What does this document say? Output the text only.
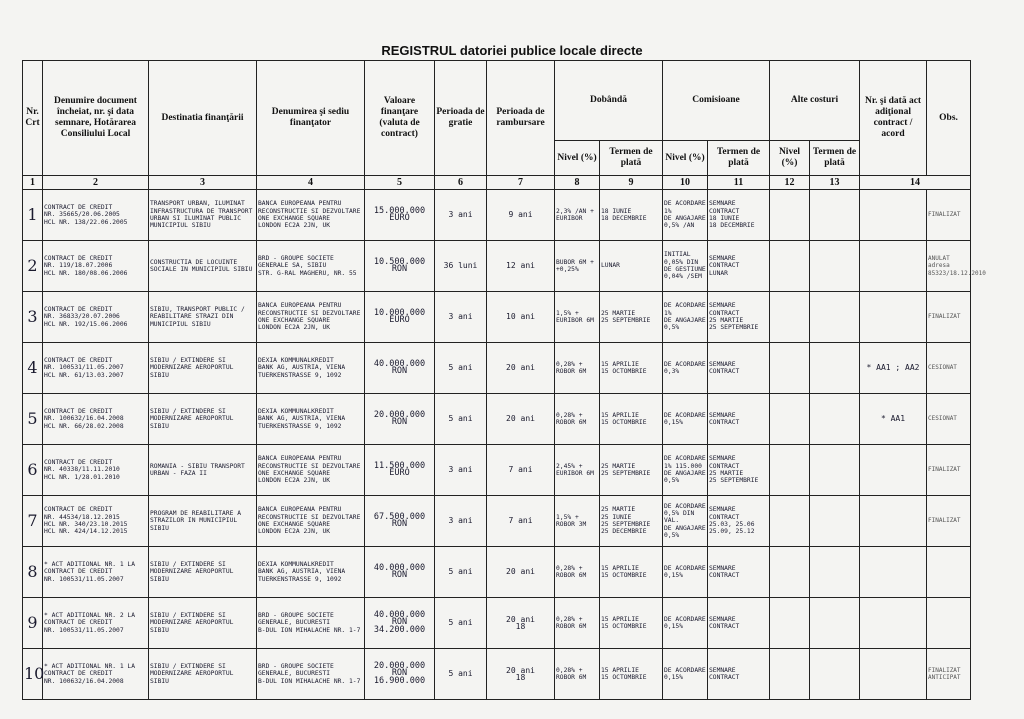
REGISTRUL datoriei publice locale directe
Nr. Crt	Denumire document încheiat, nr. şi data semnare, Hotărarea Consiliului Local	Destinatia finanţării	Denumirea şi sediu finanţator	Valoare finanţare (valuta de contract)	Perioada de gratie	Perioada de rambursare	Dobândă		Comisioane		Alte costuri		Nr. şi dată act adiţional contract / acord	Obs.
							Nivel (%)	Termen de plată	Nivel (%)	Termen de plată	Nivel (%)	Termen de plată		
1	2	3	4	5	6	7	8	9	10	11	12	13	14	
1	CONTRACT DE CREDIT
NR. 35665/20.06.2005
HCL NR. 138/22.06.2005	TRANSPORT URBAN, ILUMINAT
INFRASTRUCTURA DE TRANSPORT
URBAN SI ILUMINAT PUBLIC
MUNICIPIUL SIBIU	BANCA EUROPEANA PENTRU
RECONSTRUCTIE SI DEZVOLTARE
ONE EXCHANGE SQUARE
LONDON EC2A 2JN, UK	15.000.000 EURO	3 ani	9 ani	2,3% /AN +
EURIBOR	18 IUNIE
18 DECEMBRIE	DE ACORDARE 1%
DE ANGAJARE
0,5% /AN	SEMNARE
CONTRACT
18 IUNIE
18 DECEMBRIE				FINALIZAT
2	CONTRACT DE CREDIT
NR. 119/18.07.2006
HCL NR. 180/08.06.2006	CONSTRUCTIA DE LOCUINTE
SOCIALE IN MUNICIPIUL SIBIU	BRD - GROUPE SOCIETE
GENERALE SA, SIBIU
STR. G-RAL MAGHERU, NR. 55	10.500.000 RON	36 luni	12 ani	BUBOR 6M +
+0,25%	LUNAR	INITIAL
0,05% DIN
DE GESTIUNE
0,04% /SEM	SEMNARE
CONTRACT
LUNAR				ANULAT
adresa
85323/18.12.2010
3	CONTRACT DE CREDIT
NR. 36833/20.07.2006
HCL NR. 192/15.06.2006	SIBIU, TRANSPORT PUBLIC /
REABILITARE STRAZI DIN
MUNICIPIUL SIBIU	BANCA EUROPEANA PENTRU
RECONSTRUCTIE SI DEZVOLTARE
ONE EXCHANGE SQUARE
LONDON EC2A 2JN, UK	10.000.000 EURO	3 ani	10 ani	1,5% +
EURIBOR 6M	25 MARTIE
25 SEPTEMBRIE	DE ACORDARE 1%
DE ANGAJARE
0,5%	SEMNARE
CONTRACT
25 MARTIE
25 SEPTEMBRIE				FINALIZAT
4	CONTRACT DE CREDIT
NR. 100531/11.05.2007
HCL NR. 61/13.03.2007	SIBIU / EXTINDERE SI
MODERNIZARE AEROPORTUL
SIBIU	DEXIA KOMMUNALKREDIT
BANK AG, AUSTRIA, VIENA
TUERKENSTRASSE 9, 1092	40.000.000 RON	5 ani	20 ani	0,28% +
ROBOR 6M	15 APRILIE
15 OCTOMBRIE	DE ACORDARE
0,3%	SEMNARE
CONTRACT			* AA1 ; AA2	CESIONAT
5	CONTRACT DE CREDIT
NR. 100632/16.04.2008
HCL NR. 66/28.02.2008	SIBIU / EXTINDERE SI
MODERNIZARE AEROPORTUL
SIBIU	DEXIA KOMMUNALKREDIT
BANK AG, AUSTRIA, VIENA
TUERKENSTRASSE 9, 1092	20.000.000 RON	5 ani	20 ani	0,28% +
ROBOR 6M	15 APRILIE
15 OCTOMBRIE	DE ACORDARE
0,15%	SEMNARE
CONTRACT			* AA1	CESIONAT
6	CONTRACT DE CREDIT
NR. 40338/11.11.2010
HCL NR. 1/28.01.2010	ROMANIA - SIBIU TRANSPORT
URBAN - FAZA II	BANCA EUROPEANA PENTRU
RECONSTRUCTIE SI DEZVOLTARE
ONE EXCHANGE SQUARE
LONDON EC2A 2JN, UK	11.500.000 EURO	3 ani	7 ani	2,45% +
EURIBOR 6M	25 MARTIE
25 SEPTEMBRIE	DE ACORDARE
1% 115.000
DE ANGAJARE
0,5%	SEMNARE
CONTRACT
25 MARTIE
25 SEPTEMBRIE				FINALIZAT
7	CONTRACT DE CREDIT
NR. 44534/18.12.2015
HCL NR. 340/23.10.2015
HCL NR. 424/14.12.2015	PROGRAM DE REABILITARE A
STRAZILOR IN MUNICIPIUL
SIBIU	BANCA EUROPEANA PENTRU
RECONSTRUCTIE SI DEZVOLTARE
ONE EXCHANGE SQUARE
LONDON EC2A 2JN, UK	67.500.000 RON	3 ani	7 ani	1,5% +
ROBOR 3M	25 MARTIE
25 IUNIE
25 SEPTEMBRIE
25 DECEMBRIE	DE ACORDARE
0,5% DIN VAL.
DE ANGAJARE
0,5%	SEMNARE
CONTRACT
25.03, 25.06
25.09, 25.12				FINALIZAT
8	* ACT ADITIONAL NR. 1 LA
CONTRACT DE CREDIT
NR. 100531/11.05.2007	SIBIU / EXTINDERE SI
MODERNIZARE AEROPORTUL
SIBIU	DEXIA KOMMUNALKREDIT
BANK AG, AUSTRIA, VIENA
TUERKENSTRASSE 9, 1092	40.000.000 RON	5 ani	20 ani	0,28% +
ROBOR 6M	15 APRILIE
15 OCTOMBRIE	DE ACORDARE
0,15%	SEMNARE
CONTRACT				
9	* ACT ADITIONAL NR. 2 LA
CONTRACT DE CREDIT
NR. 100531/11.05.2007	SIBIU / EXTINDERE SI
MODERNIZARE AEROPORTUL
SIBIU	BRD - GROUPE SOCIETE
GENERALE, BUCURESTI
B-DUL ION MIHALACHE NR. 1-7	40.000.000 RON
34.200.000	5 ani	20 ani
18	0,28% +
ROBOR 6M	15 APRILIE
15 OCTOMBRIE	DE ACORDARE
0,15%	SEMNARE
CONTRACT				
10	* ACT ADITIONAL NR. 1 LA
CONTRACT DE CREDIT
NR. 100632/16.04.2008	SIBIU / EXTINDERE SI
MODERNIZARE AEROPORTUL
SIBIU	BRD - GROUPE SOCIETE
GENERALE, BUCURESTI
B-DUL ION MIHALACHE NR. 1-7	20.000.000 RON
16.900.000	5 ani	20 ani
18	0,28% +
ROBOR 6M	15 APRILIE
15 OCTOMBRIE	DE ACORDARE
0,15%	SEMNARE
CONTRACT				FINALIZAT
ANTICIPAT
